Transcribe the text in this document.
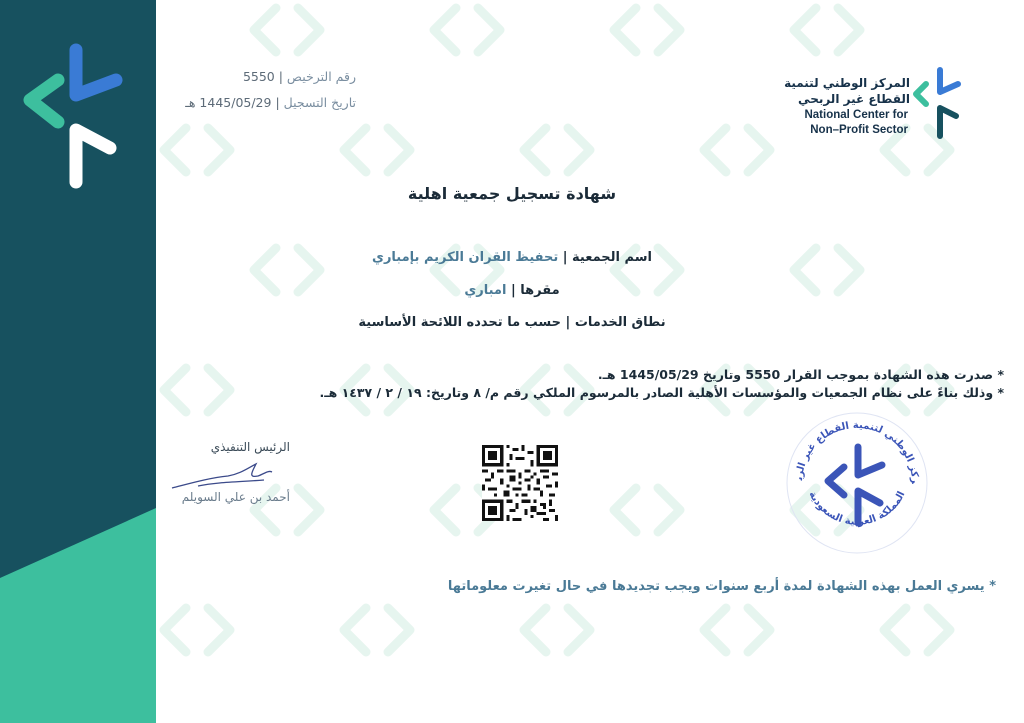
رقم الترخيص | 5550
تاريخ التسجيل | 1445/05/29 هـ
المركز الوطني لتنمية
القطاع غير الربحي
National Center for
Non–Profit Sector
شهادة تسجيل جمعية اهلية
اسم الجمعية | تحفيظ القران الكريم بإمباري
مقرها | امباري
نطاق الخدمات | حسب ما تحدده اللائحة الأساسية
* صدرت هذه الشهادة بموجب القرار 5550 وتاريخ 1445/05/29 هـ.
* وذلك بناءً على نظام الجمعيات والمؤسسات الأهلية الصادر بالمرسوم الملكي رقم م/ ٨ وتاريخ: ١٩ / ٢ / ١٤٣٧ هـ.
الرئيس التنفيذي
أحمد بن علي السويلم
ركز الوطني لتنمية القطاع غير الرب
المملكة العربية السعودية
* يسري العمل بهذه الشهادة لمدة أربع سنوات ويجب تجديدها في حال تغيرت معلوماتها
